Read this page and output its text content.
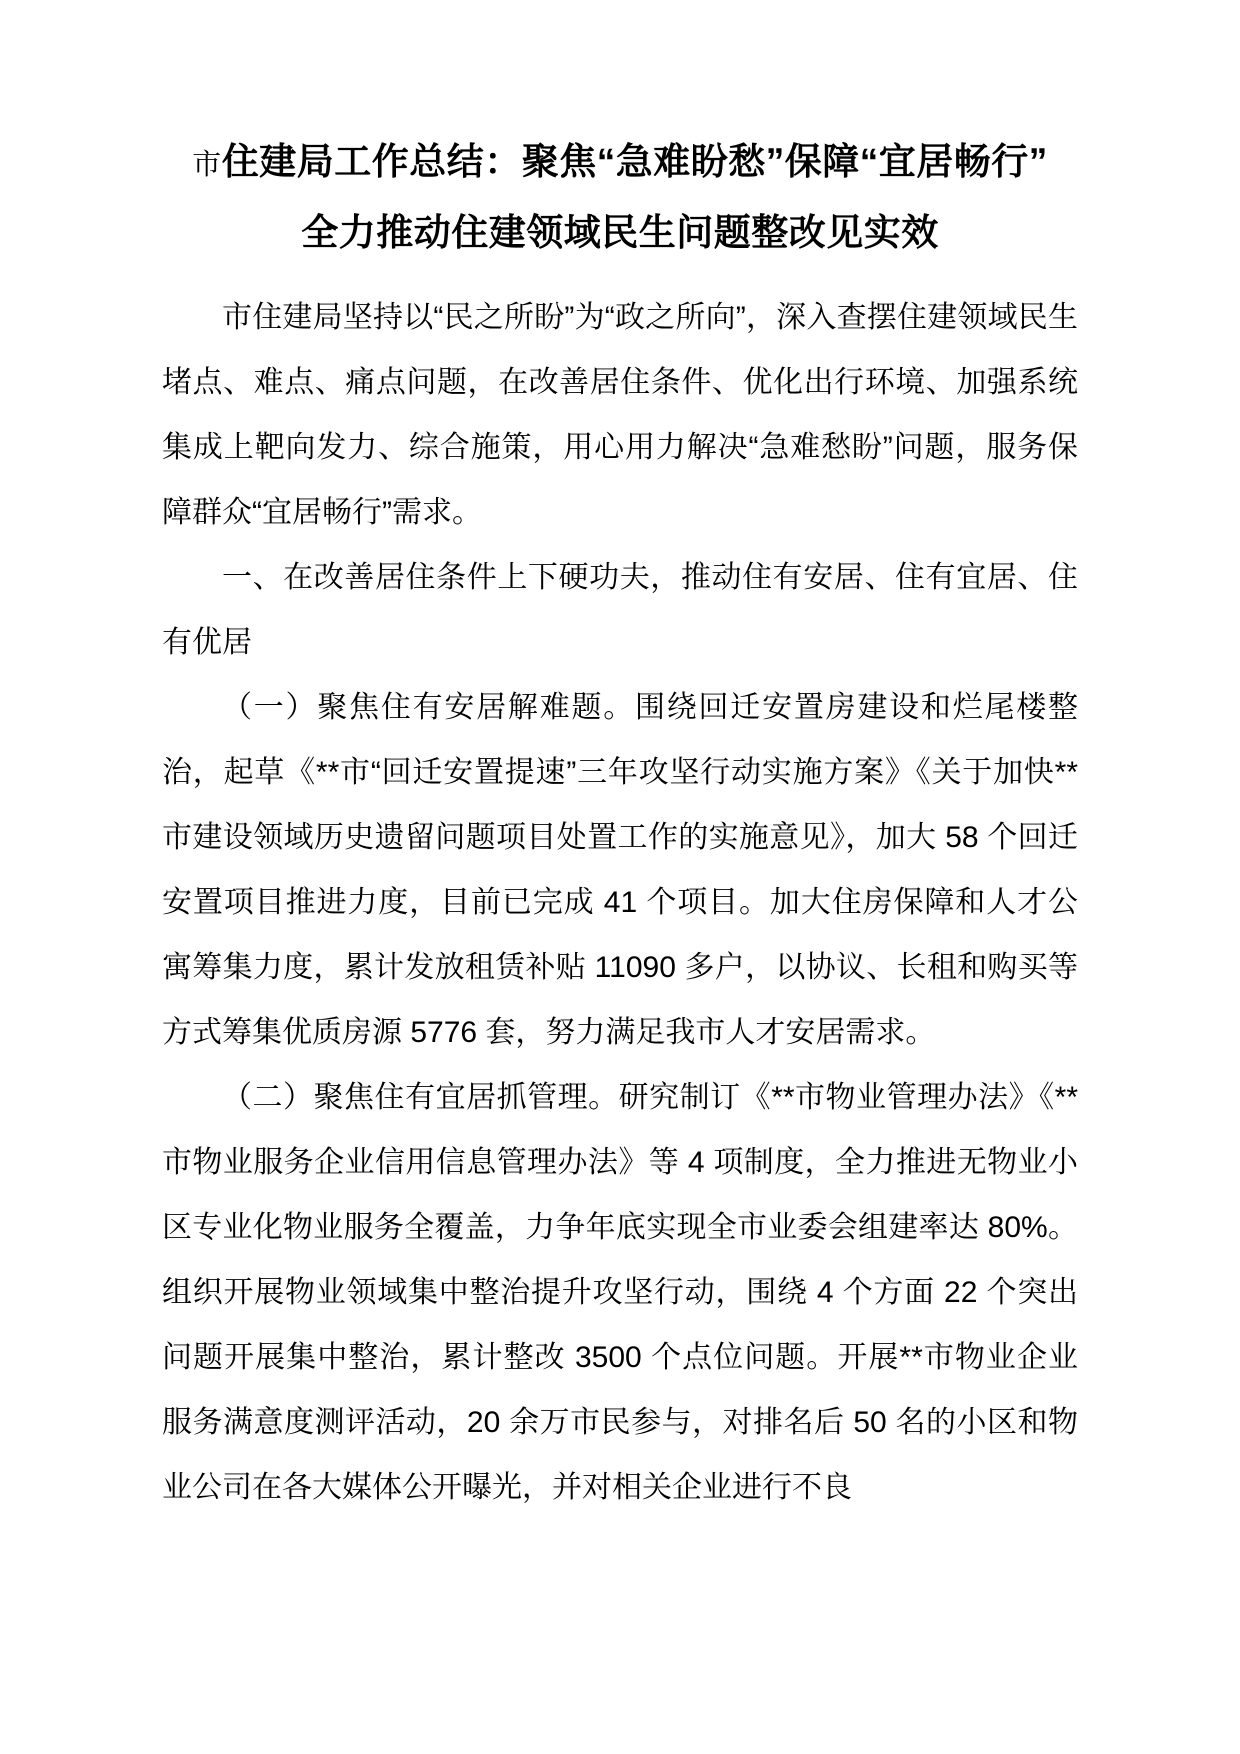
市住建局工作总结：聚焦“急难盼愁”保障“宜居畅行”
全力推动住建领域民生问题整改见实效

市住建局坚持以“民之所盼”为“政之所向”，深入查摆住建领域民生堵点、难点、痛点问题，在改善居住条件、优化出行环境、加强系统集成上靶向发力、综合施策，用心用力解决“急难愁盼”问题，服务保障群众“宜居畅行”需求。

一、在改善居住条件上下硬功夫，推动住有安居、住有宜居、住有优居

（一）聚焦住有安居解难题。围绕回迁安置房建设和烂尾楼整治，起草《**市“回迁安置提速”三年攻坚行动实施方案》《关于加快**市建设领域历史遗留问题项目处置工作的实施意见》，加大 58 个回迁安置项目推进力度，目前已完成 41 个项目。加大住房保障和人才公寓筹集力度，累计发放租赁补贴 11090 多户，以协议、长租和购买等方式筹集优质房源 5776 套，努力满足我市人才安居需求。

（二）聚焦住有宜居抓管理。研究制订《**市物业管理办法》《**市物业服务企业信用信息管理办法》等 4 项制度，全力推进无物业小区专业化物业服务全覆盖，力争年底实现全市业委会组建率达 80%。组织开展物业领域集中整治提升攻坚行动，围绕 4 个方面 22 个突出问题开展集中整治，累计整改 3500 个点位问题。开展**市物业企业服务满意度测评活动，20 余万市民参与，对排名后 50 名的小区和物业公司在各大媒体公开曝光，并对相关企业进行不良
